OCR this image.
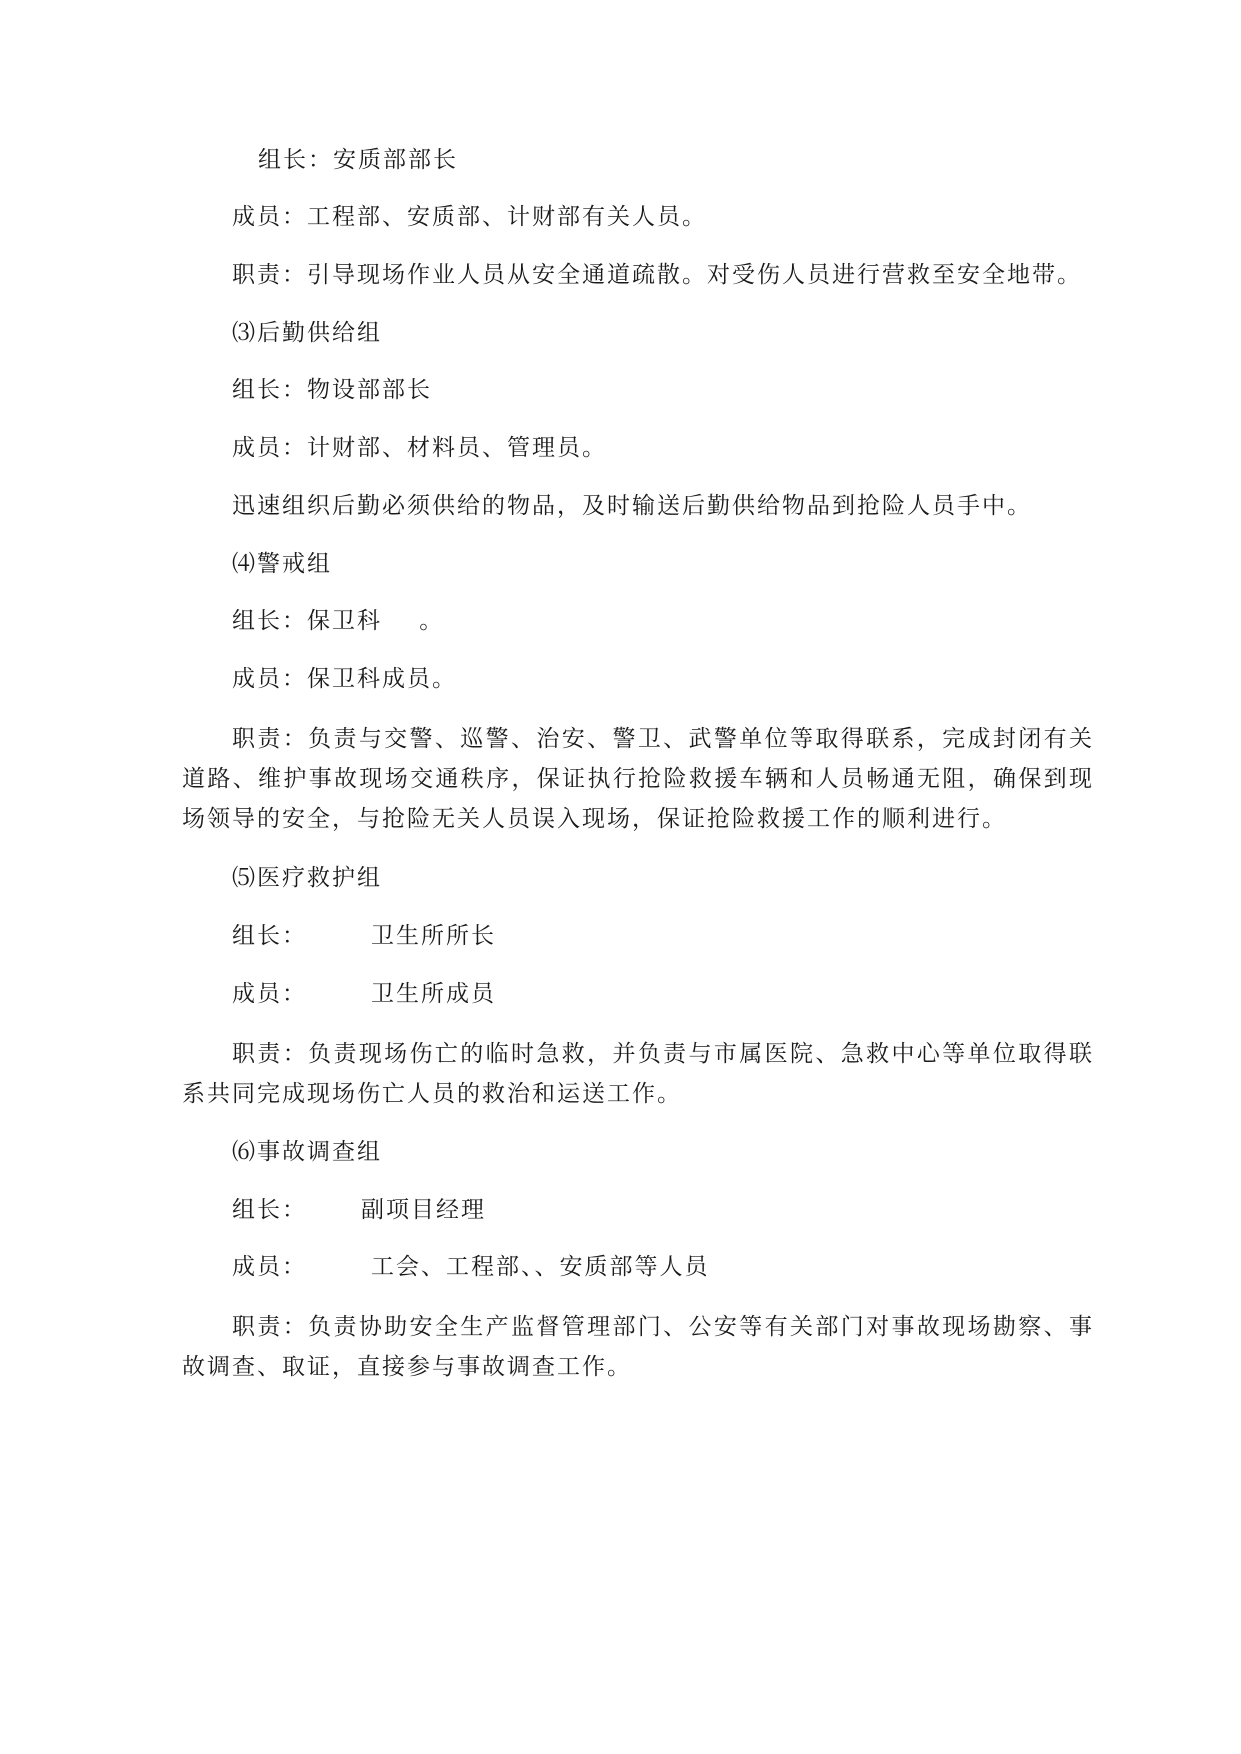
组长：安质部部长

成员：工程部、安质部、计财部有关人员。

职责：引导现场作业人员从安全通道疏散。对受伤人员进行营救至安全地带。

⑶后勤供给组

组长：物设部部长

成员：计财部、材料员、管理员。

迅速组织后勤必须供给的物品，及时输送后勤供给物品到抢险人员手中。

⑷警戒组

组长：保卫科    。

成员：保卫科成员。

职责：负责与交警、巡警、治安、警卫、武警单位等取得联系，完成封闭有关道路、维护事故现场交通秩序，保证执行抢险救援车辆和人员畅通无阻，确保到现场领导的安全，与抢险无关人员误入现场，保证抢险救援工作的顺利进行。

⑸医疗救护组

组长：	卫生所所长

成员：	卫生所成员

职责：负责现场伤亡的临时急救，并负责与市属医院、急救中心等单位取得联系共同完成现场伤亡人员的救治和运送工作。

⑹事故调查组

组长： 副项目经理

成员：	工会、工程部、、安质部等人员

职责：负责协助安全生产监督管理部门、公安等有关部门对事故现场勘察、事故调查、取证，直接参与事故调查工作。
